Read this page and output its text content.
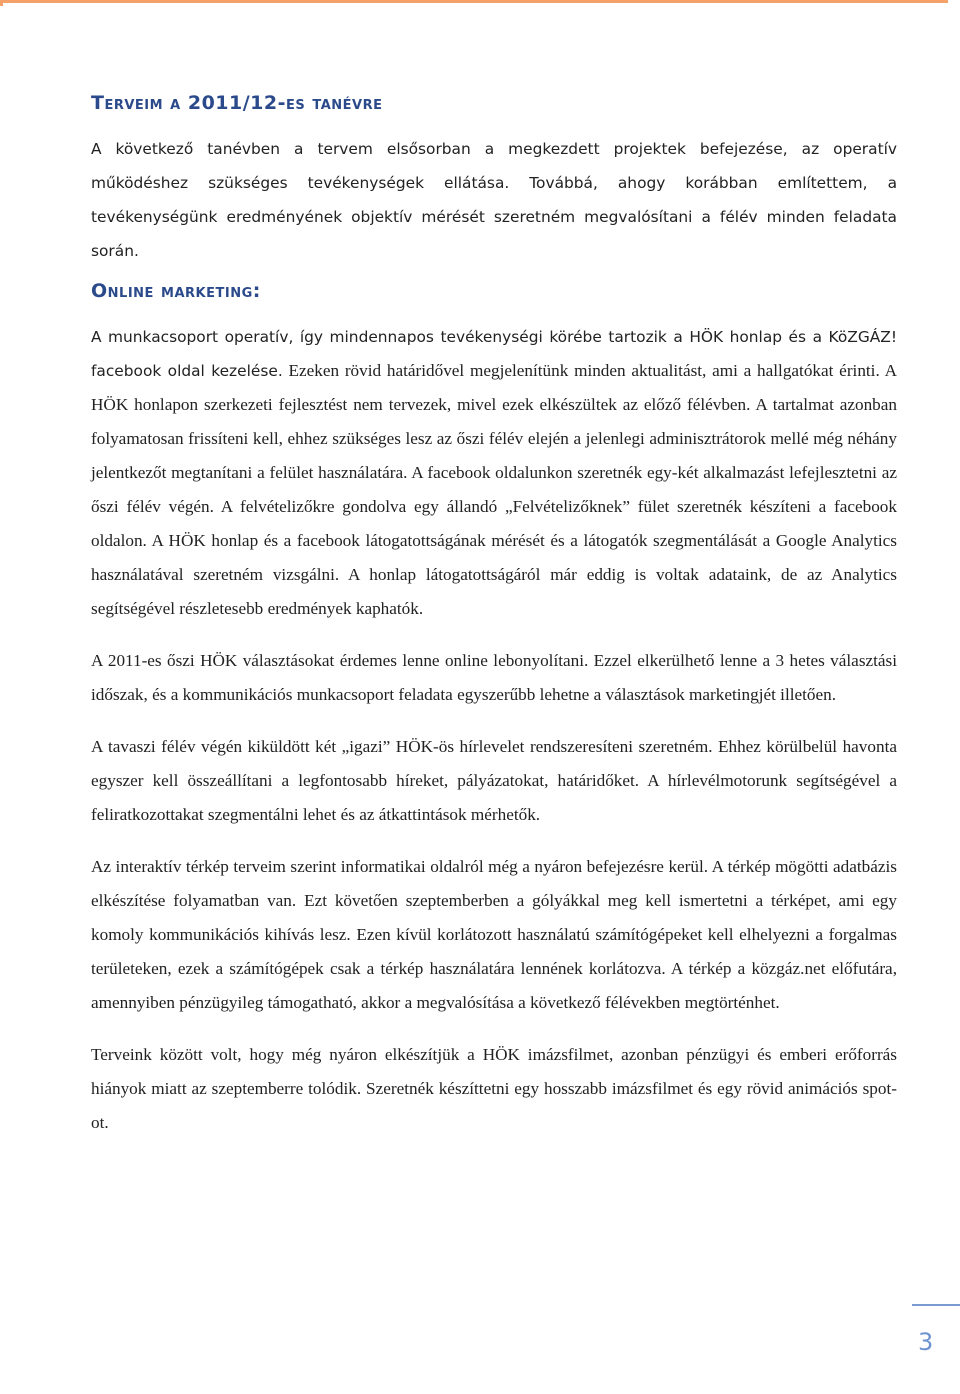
Terveim a 2011/12-es tanévre

A következő tanévben a tervem elsősorban a megkezdett projektek befejezése, az operatív működéshez szükséges tevékenységek ellátása. Továbbá, ahogy korábban említettem, a tevékenységünk eredményének objektív mérését szeretném megvalósítani a félév minden feladata során.

Online marketing:

A munkacsoport operatív, így mindennapos tevékenységi körébe tartozik a HÖK honlap és a KöZGÁZ! facebook oldal kezelése. Ezeken rövid határidővel megjelenítünk minden aktualitást, ami a hallgatókat érinti. A HÖK honlapon szerkezeti fejlesztést nem tervezek, mivel ezek elkészültek az előző félévben. A tartalmat azonban folyamatosan frissíteni kell, ehhez szükséges lesz az őszi félév elején a jelenlegi adminisztrátorok mellé még néhány jelentkezőt megtanítani a felület használatára. A facebook oldalunkon szeretnék egy-két alkalmazást lefejlesztetni az őszi félév végén. A felvételizőkre gondolva egy állandó „Felvételizőknek” fület szeretnék készíteni a facebook oldalon. A HÖK honlap és a facebook látogatottságának mérését és a látogatók szegmentálását a Google Analytics használatával szeretném vizsgálni. A honlap látogatottságáról már eddig is voltak adataink, de az Analytics segítségével részletesebb eredmények kaphatók.

A 2011-es őszi HÖK választásokat érdemes lenne online lebonyolítani. Ezzel elkerülhető lenne a 3 hetes választási időszak, és a kommunikációs munkacsoport feladata egyszerűbb lehetne a választások marketingjét illetően.

A tavaszi félév végén kiküldött két „igazi” HÖK-ös hírlevelet rendszeresíteni szeretném. Ehhez körülbelül havonta egyszer kell összeállítani a legfontosabb híreket, pályázatokat, határidőket. A hírlevélmotorunk segítségével a feliratkozottakat szegmentálni lehet és az átkattintások mérhetők.

Az interaktív térkép terveim szerint informatikai oldalról még a nyáron befejezésre kerül. A térkép mögötti adatbázis elkészítése folyamatban van. Ezt követően szeptemberben a gólyákkal meg kell ismertetni a térképet, ami egy komoly kommunikációs kihívás lesz. Ezen kívül korlátozott használatú számítógépeket kell elhelyezni a forgalmas területeken, ezek a számítógépek csak a térkép használatára lennének korlátozva. A térkép a közgáz.net előfutára, amennyiben pénzügyileg támogatható, akkor a megvalósítása a következő félévekben megtörténhet.

Terveink között volt, hogy még nyáron elkészítjük a HÖK imázsfilmet, azonban pénzügyi és emberi erőforrás hiányok miatt az szeptemberre tolódik. Szeretnék készíttetni egy hosszabb imázsfilmet és egy rövid animációs spot-ot.

3
